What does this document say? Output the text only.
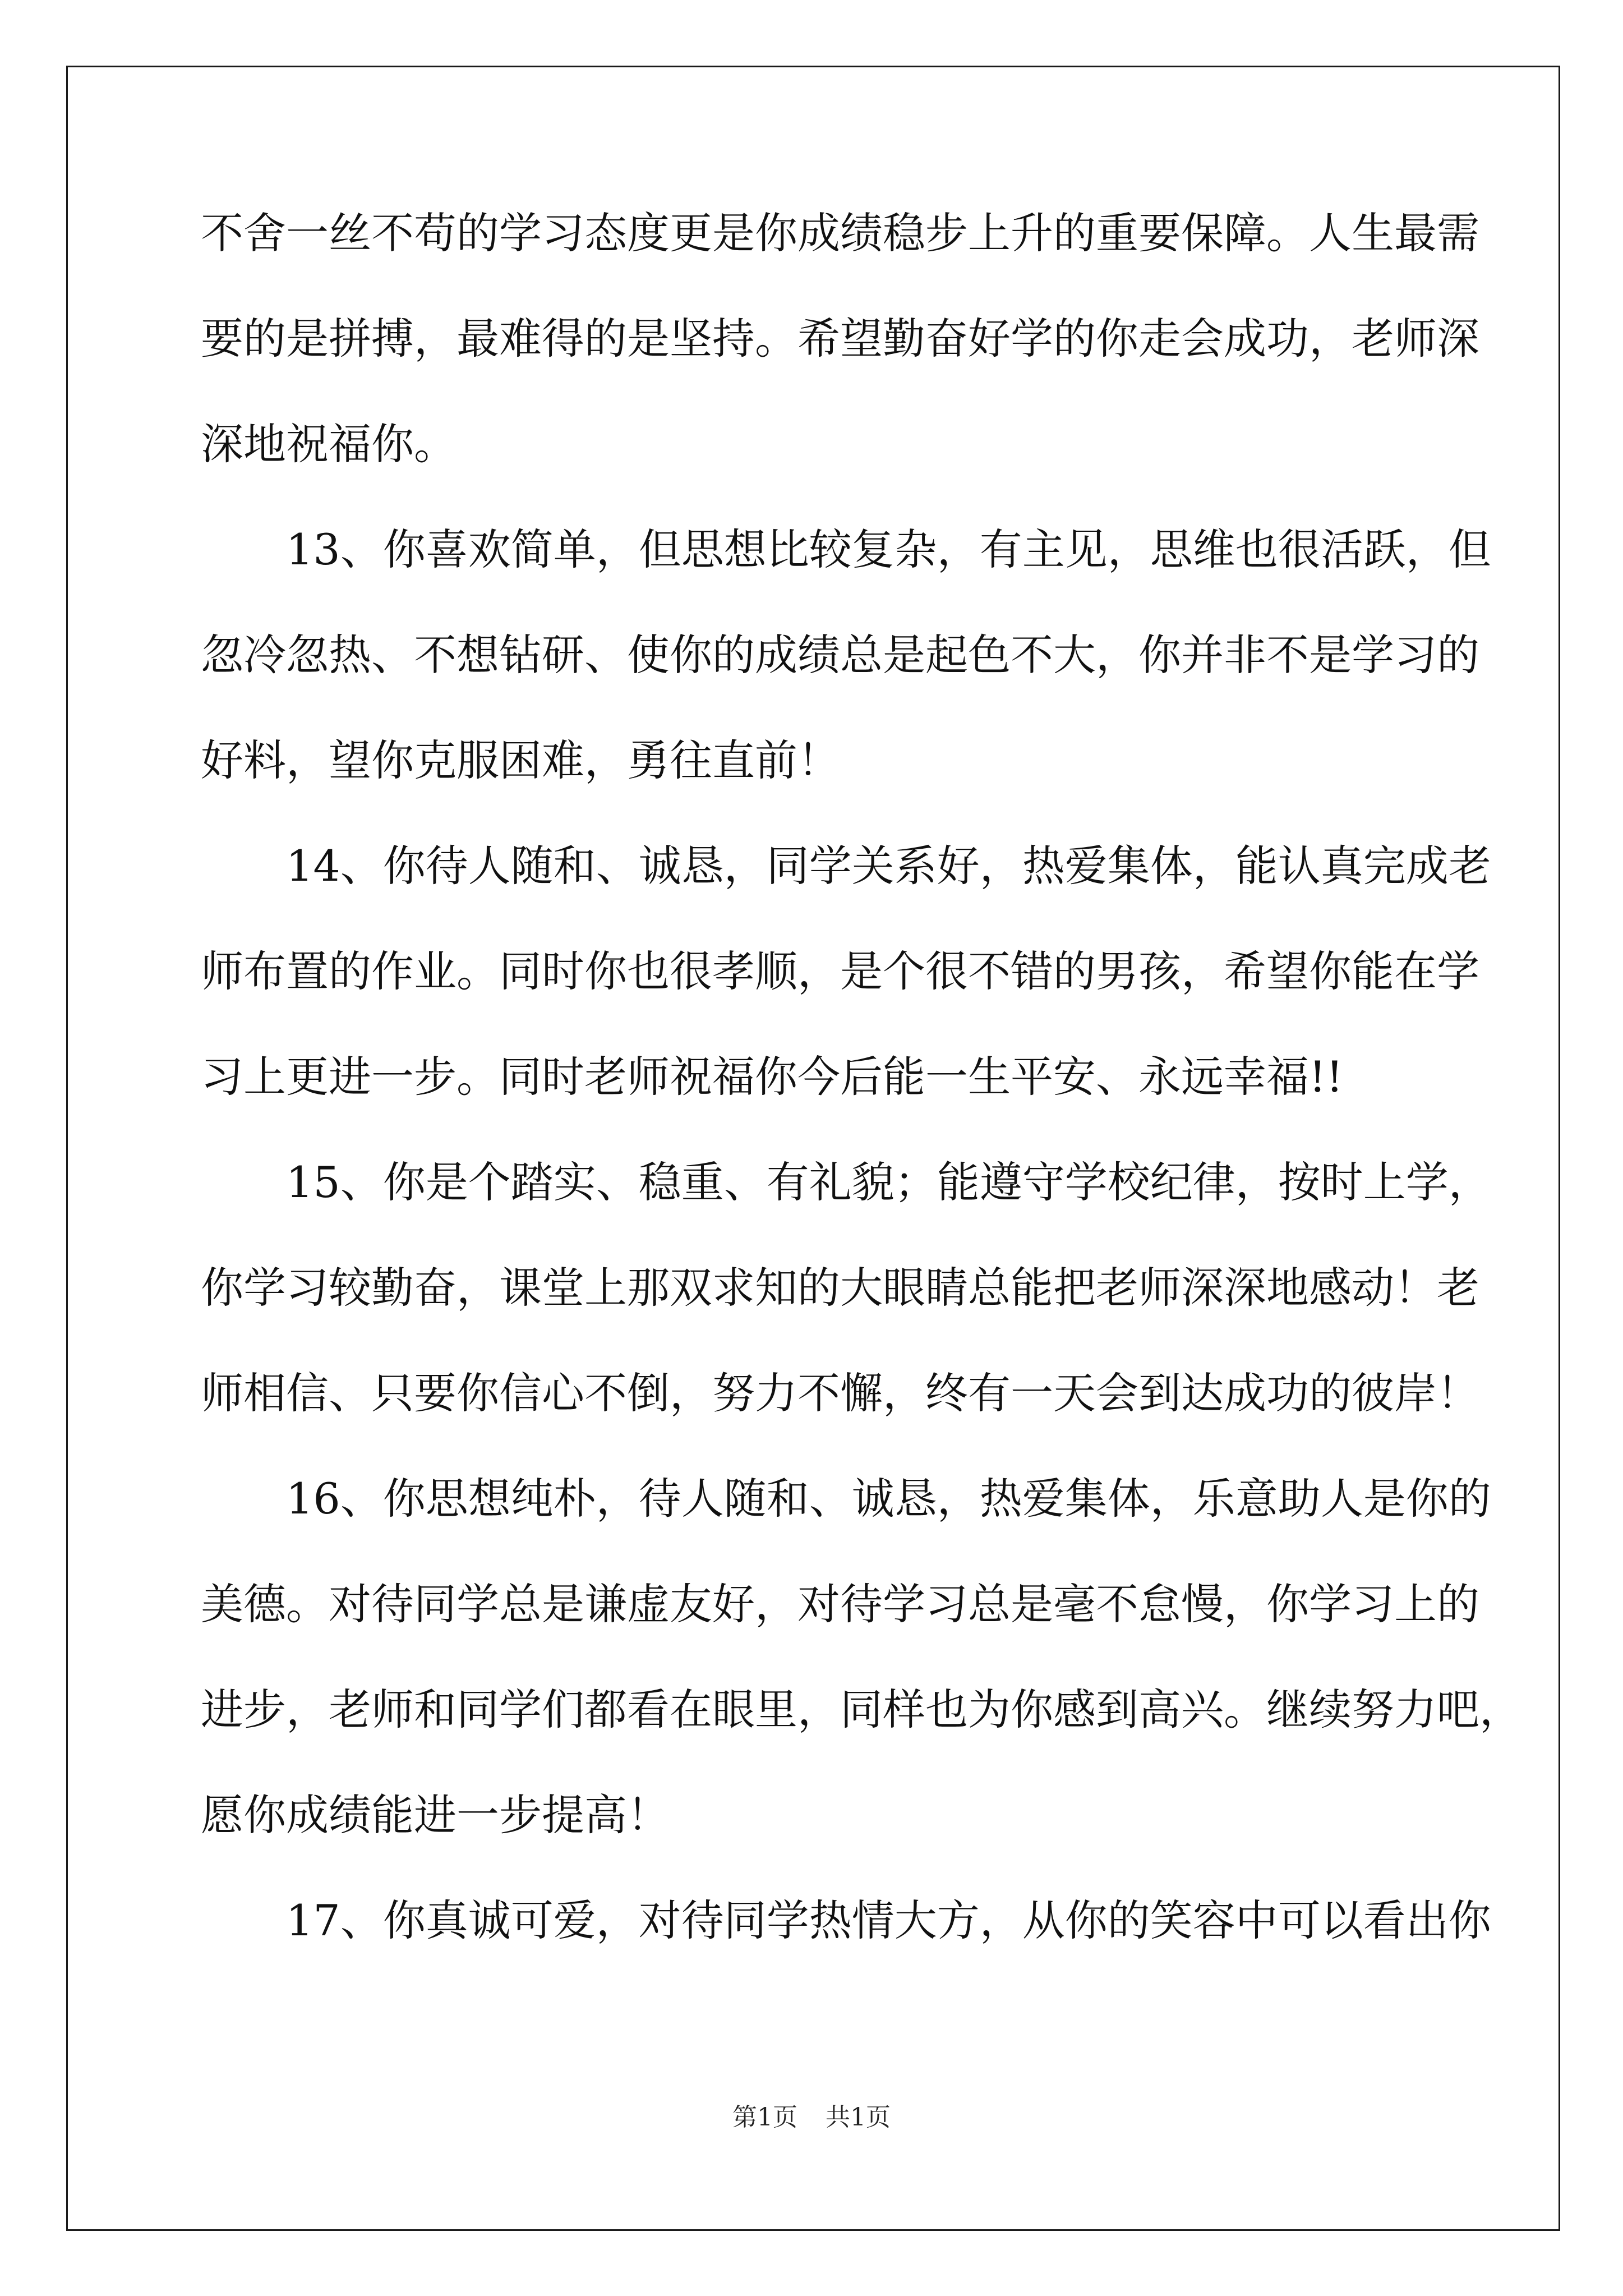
不舍一丝不苟的学习态度更是你成绩稳步上升的重要保障。人生最需
要的是拼搏，最难得的是坚持。希望勤奋好学的你走会成功，老师深
深地祝福你。
　　13、你喜欢简单，但思想比较复杂，有主见，思维也很活跃，但
忽冷忽热、不想钻研、使你的成绩总是起色不大，你并非不是学习的
好料，望你克服困难，勇往直前！
　　14、你待人随和、诚恳，同学关系好，热爱集体，能认真完成老
师布置的作业。同时你也很孝顺，是个很不错的男孩，希望你能在学
习上更进一步。同时老师祝福你今后能一生平安、永远幸福!!
　　15、你是个踏实、稳重、有礼貌；能遵守学校纪律，按时上学，
你学习较勤奋，课堂上那双求知的大眼睛总能把老师深深地感动！老
师相信、只要你信心不倒，努力不懈，终有一天会到达成功的彼岸！
　　16、你思想纯朴，待人随和、诚恳，热爱集体，乐意助人是你的
美德。对待同学总是谦虚友好，对待学习总是毫不怠慢，你学习上的
进步，老师和同学们都看在眼里，同样也为你感到高兴。继续努力吧，
愿你成绩能进一步提高！
　　17、你真诚可爱，对待同学热情大方，从你的笑容中可以看出你
第1页 共1页
